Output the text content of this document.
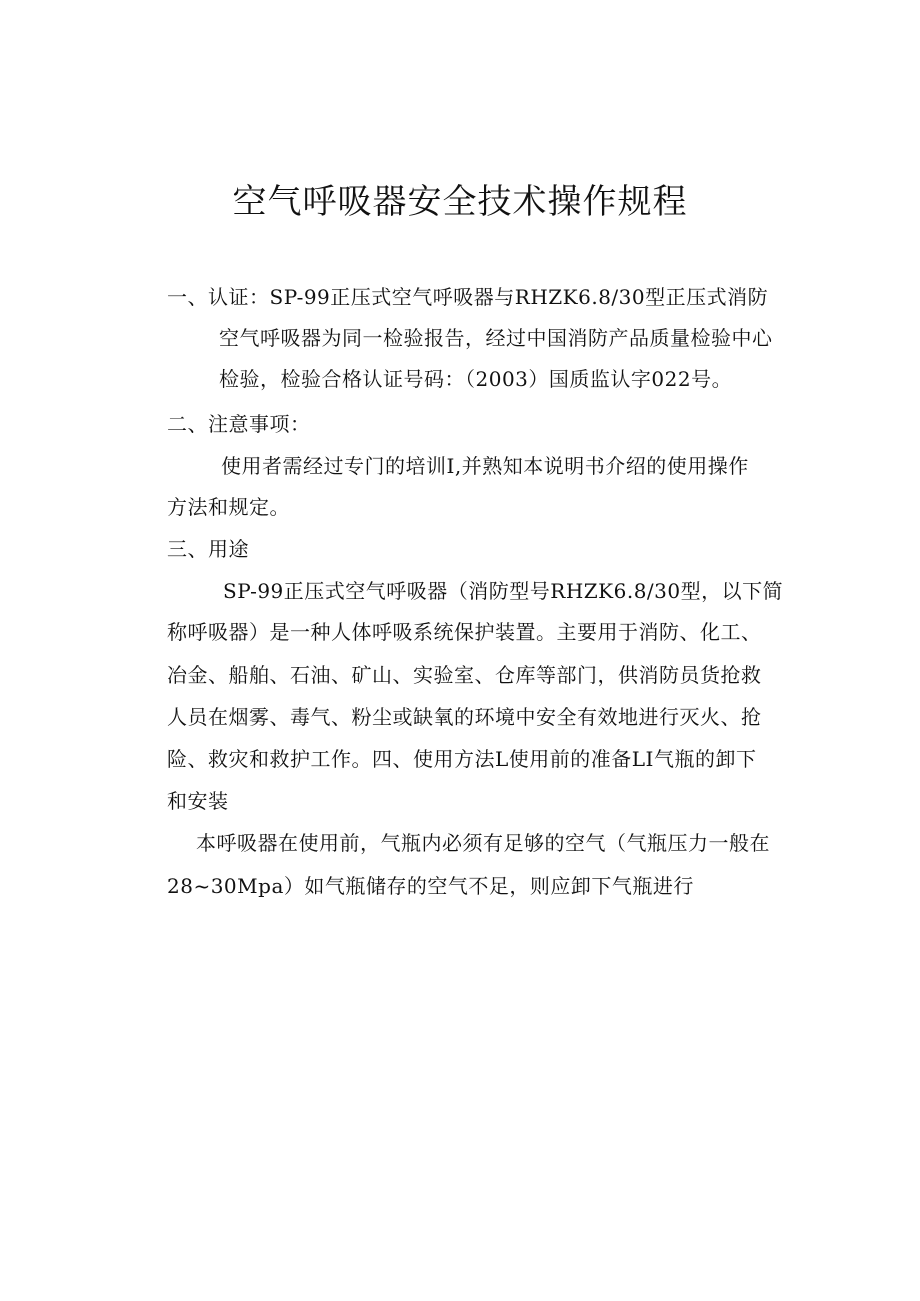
空气呼吸器安全技术操作规程
一、认证：SP-99正压式空气呼吸器与RHZK6.8/30型正压式消防
空气呼吸器为同一检验报告，经过中国消防产品质量检验中心
检验，检验合格认证号码：（2003）国质监认字022号。
二、注意事项：
使用者需经过专门的培训I,并熟知本说明书介绍的使用操作
方法和规定。
三、用途
SP-99正压式空气呼吸器（消防型号RHZK6.8/30型，以下简
称呼吸器）是一种人体呼吸系统保护装置。主要用于消防、化工、
冶金、船舶、石油、矿山、实验室、仓库等部门，供消防员货抢救
人员在烟雾、毒气、粉尘或缺氧的环境中安全有效地进行灭火、抢
险、救灾和救护工作。四、使用方法L使用前的准备LI气瓶的卸下
和安装
本呼吸器在使用前，气瓶内必须有足够的空气（气瓶压力一般在
28~30Mpa）如气瓶储存的空气不足，则应卸下气瓶进行
